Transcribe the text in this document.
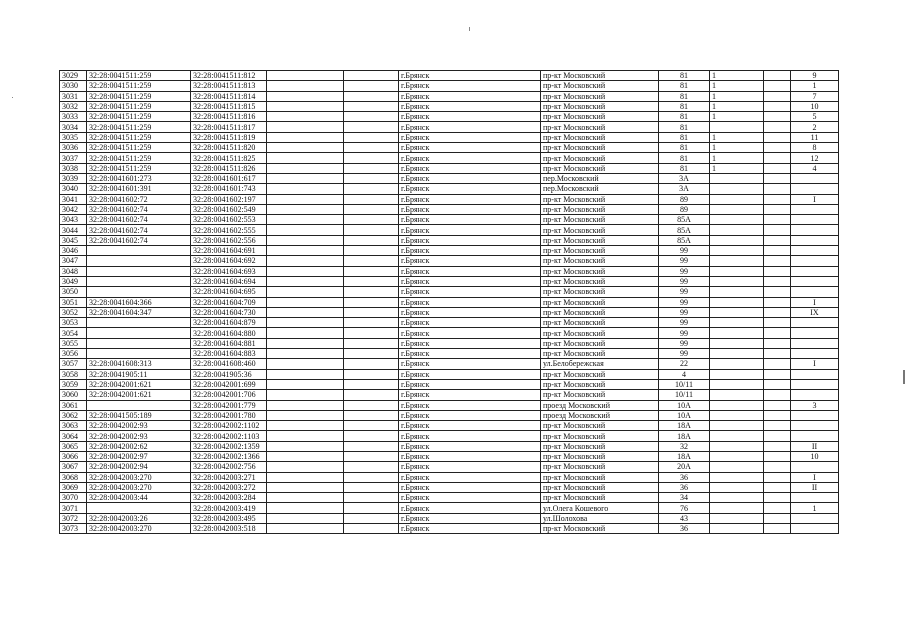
3029	32:28:0041511:259	32:28:0041511:812			г.Брянск	пр-кт Московский	81	1		9
3030	32:28:0041511:259	32:28:0041511:813			г.Брянск	пр-кт Московский	81	1		1
3031	32:28:0041511:259	32:28:0041511:814			г.Брянск	пр-кт Московский	81	1		7
3032	32:28:0041511:259	32:28:0041511:815			г.Брянск	пр-кт Московский	81	1		10
3033	32:28:0041511:259	32:28:0041511:816			г.Брянск	пр-кт Московский	81	1		5
3034	32:28:0041511:259	32:28:0041511:817			г.Брянск	пр-кт Московский	81			2
3035	32:28:0041511:259	32:28:0041511:819			г.Брянск	пр-кт Московский	81	1		11
3036	32:28:0041511:259	32:28:0041511:820			г.Брянск	пр-кт Московский	81	1		8
3037	32:28:0041511:259	32:28:0041511:825			г.Брянск	пр-кт Московский	81	1		12
3038	32:28:0041511:259	32:28:0041511:826			г.Брянск	пр-кт Московский	81	1		4
3039	32:28:0041601:273	32:28:0041601:617			г.Брянск	пер.Московский	3А			
3040	32:28:0041601:391	32:28:0041601:743			г.Брянск	пер.Московский	3А			
3041	32:28:0041602:72	32:28:0041602:197			г.Брянск	пр-кт Московский	89			I
3042	32:28:0041602:74	32:28:0041602:549			г.Брянск	пр-кт Московский	89			
3043	32:28:0041602:74	32:28:0041602:553			г.Брянск	пр-кт Московский	85А			
3044	32:28:0041602:74	32:28:0041602:555			г.Брянск	пр-кт Московский	85А			
3045	32:28:0041602:74	32:28:0041602:556			г.Брянск	пр-кт Московский	85А			
3046		32:28:0041604:691			г.Брянск	пр-кт Московский	99			
3047		32:28:0041604:692			г.Брянск	пр-кт Московский	99			
3048		32:28:0041604:693			г.Брянск	пр-кт Московский	99			
3049		32:28:0041604:694			г.Брянск	пр-кт Московский	99			
3050		32:28:0041604:695			г.Брянск	пр-кт Московский	99			
3051	32:28:0041604:366	32:28:0041604:709			г.Брянск	пр-кт Московский	99			I
3052	32:28:0041604:347	32:28:0041604:730			г.Брянск	пр-кт Московский	99			IX
3053		32:28:0041604:879			г.Брянск	пр-кт Московский	99			
3054		32:28:0041604:880			г.Брянск	пр-кт Московский	99			
3055		32:28:0041604:881			г.Брянск	пр-кт Московский	99			
3056		32:28:0041604:883			г.Брянск	пр-кт Московский	99			
3057	32:28:0041608:313	32:28:0041608:460			г.Брянск	ул.Белобережская	22			I
3058	32:28:0041905:11	32:28:0041905:36			г.Брянск	пр-кт Московский	4			
3059	32:28:0042001:621	32:28:0042001:699			г.Брянск	пр-кт Московский	10/11			
3060	32:28:0042001:621	32:28:0042001:706			г.Брянск	пр-кт Московский	10/11			
3061		32:28:0042001:779			г.Брянск	проезд Московский	10А			3
3062	32:28:0041505:189	32:28:0042001:780			г.Брянск	проезд Московский	10А			
3063	32:28:0042002:93	32:28:0042002:1102			г.Брянск	пр-кт Московский	18А			
3064	32:28:0042002:93	32:28:0042002:1103			г.Брянск	пр-кт Московский	18А			
3065	32:28:0042002:62	32:28:0042002:1359			г.Брянск	пр-кт Московский	32			II
3066	32:28:0042002:97	32:28:0042002:1366			г.Брянск	пр-кт Московский	18А			10
3067	32:28:0042002:94	32:28:0042002:756			г.Брянск	пр-кт Московский	20А			
3068	32:28:0042003:270	32:28:0042003:271			г.Брянск	пр-кт Московский	36			I
3069	32:28:0042003:270	32:28:0042003:272			г.Брянск	пр-кт Московский	36			II
3070	32:28:0042003:44	32:28:0042003:284			г.Брянск	пр-кт Московский	34			
3071		32:28:0042003:419			г.Брянск	ул.Олега Кошевого	76			1
3072	32:28:0042003:26	32:28:0042003:495			г.Брянск	ул.Шолохова	43			
3073	32:28:0042003:270	32:28:0042003:518			г.Брянск	пр-кт Московский	36			
